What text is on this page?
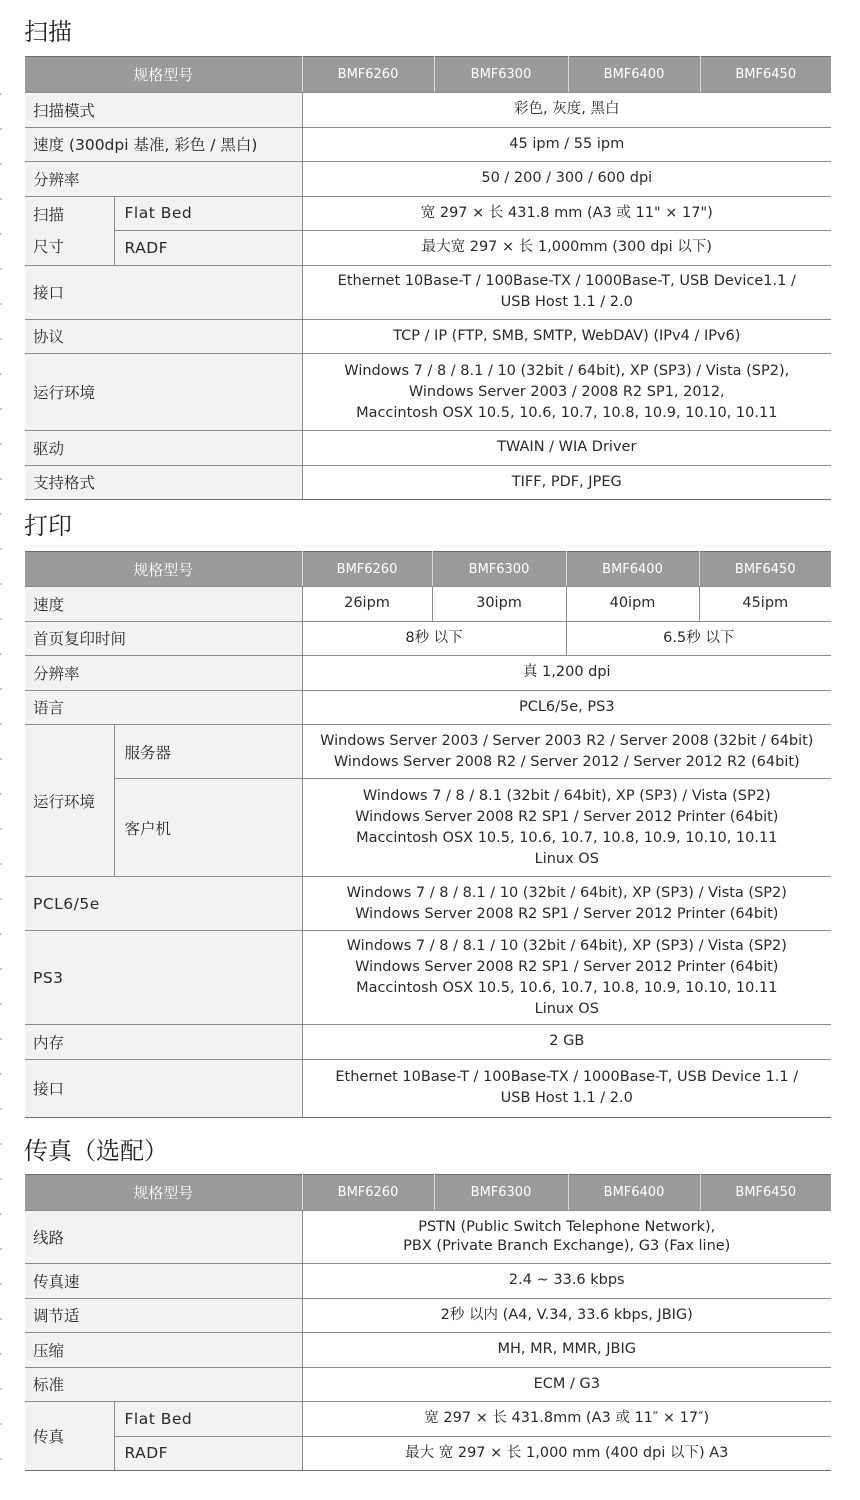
扫描
规格型号		BMF6260	BMF6300	BMF6400	BMF6450
扫描模式		彩色, 灰度, 黑白			
速度 (300dpi 基准, 彩色 / 黑白)		45 ipm / 55 ipm			
分辨率		50 / 200 / 300 / 600 dpi			

扫描
尺寸	Flat Bed	宽 297 × 长 431.8 mm (A3 或 11" × 17")			
	RADF	最大宽 297 × 长 1,000mm (300 dpi 以下)			
接口		Ethernet 10Base-T / 100Base-TX / 1000Base-T, USB Device1.1 /
USB Host 1.1 / 2.0			

协议		TCP / IP (FTP, SMB, SMTP, WebDAV) (IPv4 / IPv6)			
运行环境		Windows 7 / 8 / 8.1 / 10 (32bit / 64bit), XP (SP3) / Vista (SP2),
Windows Server 2003 / 2008 R2 SP1, 2012,
Maccintosh OSX 10.5, 10.6, 10.7, 10.8, 10.9, 10.10, 10.11			

驱动		TWAIN / WIA Driver			
支持格式		TIFF, PDF, JPEG			
打印
规格型号		BMF6260	BMF6300	BMF6400	BMF6450
速度		26ipm	30ipm	40ipm	45ipm
首页复印时间		8秒 以下		6.5秒 以下	
分辨率		真 1,200 dpi			
语言		PCL6/5e, PS3			
运行环境	服务器	Windows Server 2003 / Server 2003 R2 / Server 2008 (32bit / 64bit)
Windows Server 2008 R2 / Server 2012 / Server 2012 R2 (64bit)			

	客户机	Windows 7 / 8 / 8.1 (32bit / 64bit), XP (SP3) / Vista (SP2)
Windows Server 2008 R2 SP1 / Server 2012 Printer (64bit)
Maccintosh OSX 10.5, 10.6, 10.7, 10.8, 10.9, 10.10, 10.11
Linux OS			

PCL6/5e		Windows 7 / 8 / 8.1 / 10 (32bit / 64bit), XP (SP3) / Vista (SP2)
Windows Server 2008 R2 SP1 / Server 2012 Printer (64bit)			

PS3		Windows 7 / 8 / 8.1 / 10 (32bit / 64bit), XP (SP3) / Vista (SP2)
Windows Server 2008 R2 SP1 / Server 2012 Printer (64bit)
Maccintosh OSX 10.5, 10.6, 10.7, 10.8, 10.9, 10.10, 10.11
Linux OS			

内存		2 GB			
接口		Ethernet 10Base-T / 100Base-TX / 1000Base-T, USB Device 1.1 /
USB Host 1.1 / 2.0			
传真（选配）
规格型号		BMF6260	BMF6300	BMF6400	BMF6450
线路		PSTN (Public Switch Telephone Network),
PBX (Private Branch Exchange), G3 (Fax line)			

传真速		2.4 ~ 33.6 kbps			
调节适		2秒 以内 (A4, V.34, 33.6 kbps, JBIG)			
压缩		MH, MR, MMR, JBIG			
标准		ECM / G3			
传真	Flat Bed	宽 297 × 长 431.8mm (A3 或 11″ × 17″)			
	RADF	最大 宽 297 × 长 1,000 mm (400 dpi 以下) A3			
